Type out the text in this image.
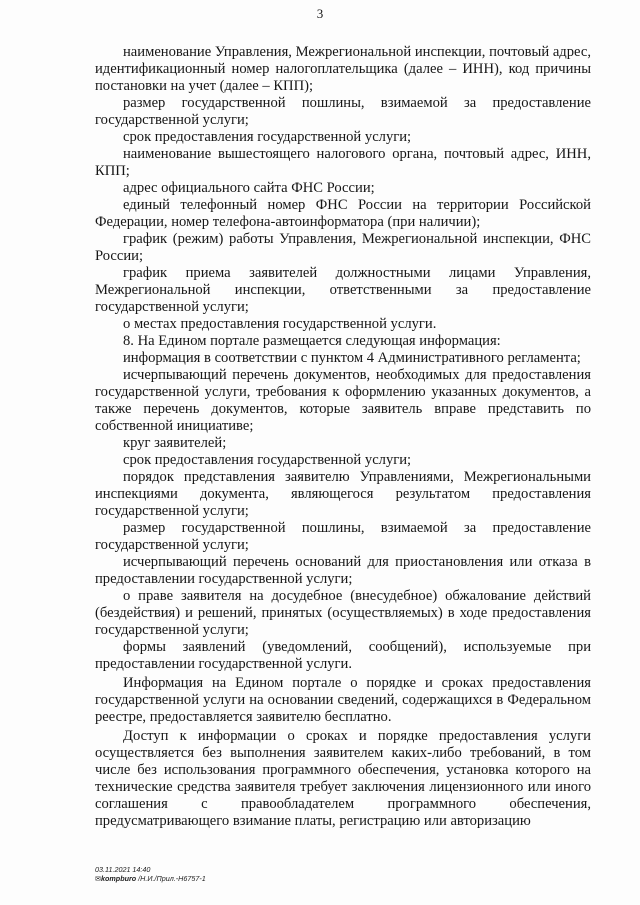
3

наименование Управления, Межрегиональной инспекции, почтовый адрес, идентификационный номер налогоплательщика (далее – ИНН), код причины постановки на учет (далее – КПП);

размер государственной пошлины, взимаемой за предоставление государственной услуги;

срок предоставления государственной услуги;

наименование вышестоящего налогового органа, почтовый адрес, ИНН, КПП;

адрес официального сайта ФНС России;

единый телефонный номер ФНС России на территории Российской Федерации, номер телефона-автоинформатора (при наличии);

график (режим) работы Управления, Межрегиональной инспекции, ФНС России;

график приема заявителей должностными лицами Управления, Межрегиональной инспекции, ответственными за предоставление государственной услуги;

о местах предоставления государственной услуги.

8. На Едином портале размещается следующая информация:

информация в соответствии с пунктом 4 Административного регламента;

исчерпывающий перечень документов, необходимых для предоставления государственной услуги, требования к оформлению указанных документов, а также перечень документов, которые заявитель вправе представить по собственной инициативе;

круг заявителей;

срок предоставления государственной услуги;

порядок представления заявителю Управлениями, Межрегиональными инспекциями документа, являющегося результатом предоставления государственной услуги;

размер государственной пошлины, взимаемой за предоставление государственной услуги;

исчерпывающий перечень оснований для приостановления или отказа в предоставлении государственной услуги;

о праве заявителя на досудебное (внесудебное) обжалование действий (бездействия) и решений, принятых (осуществляемых) в ходе предоставления государственной услуги;

формы заявлений (уведомлений, сообщений), используемые при предоставлении государственной услуги.

Информация на Едином портале о порядке и сроках предоставления государственной услуги на основании сведений, содержащихся в Федеральном реестре, предоставляется заявителю бесплатно.

Доступ к информации о сроках и порядке предоставления услуги осуществляется без выполнения заявителем каких-либо требований, в том числе без использования программного обеспечения, установка которого на технические средства заявителя требует заключения лицензионного или иного соглашения с правообладателем программного обеспечения, предусматривающего взимание платы, регистрацию или авторизацию

03.11.2021 14:40
✉kompburo /Н.И./Прил.-Н6757-1
